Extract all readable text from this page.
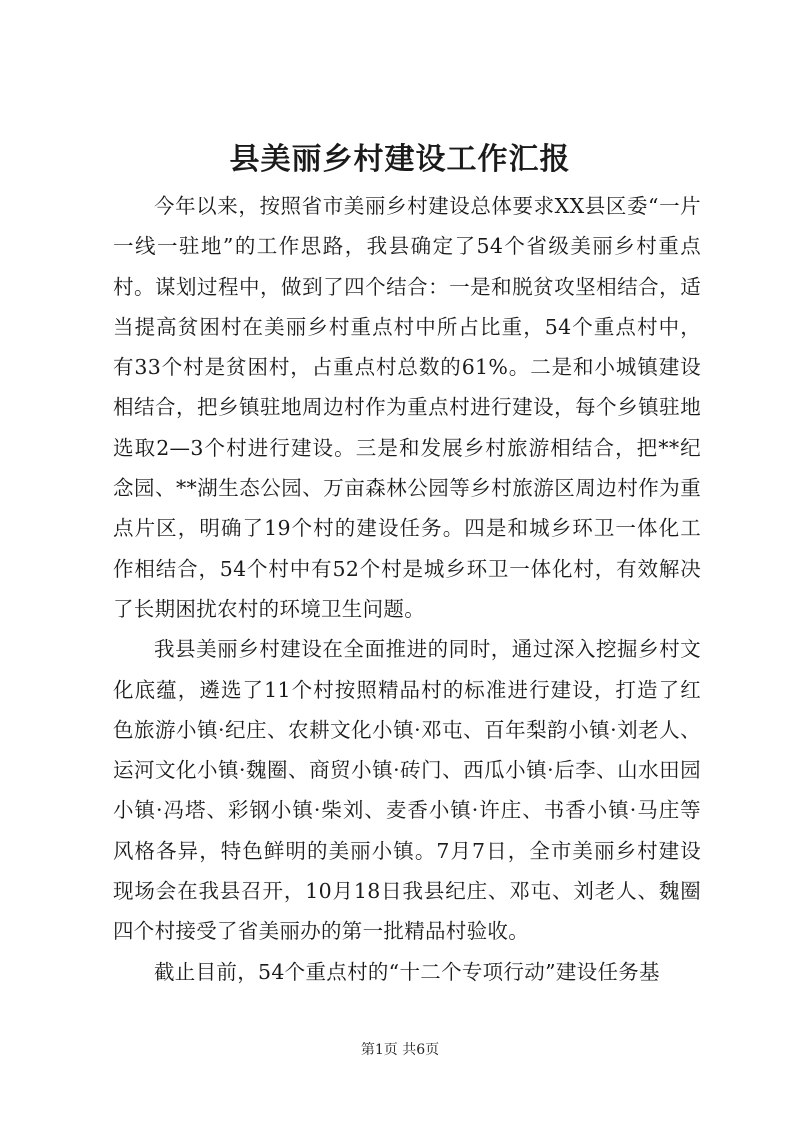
县美丽乡村建设工作汇报

今年以来，按照省市美丽乡村建设总体要求XX县区委“一片一线一驻地”的工作思路，我县确定了54个省级美丽乡村重点村。谋划过程中，做到了四个结合：一是和脱贫攻坚相结合，适当提高贫困村在美丽乡村重点村中所占比重，54个重点村中，有33个村是贫困村，占重点村总数的61%。二是和小城镇建设相结合，把乡镇驻地周边村作为重点村进行建设，每个乡镇驻地选取2—3个村进行建设。三是和发展乡村旅游相结合，把**纪念园、**湖生态公园、万亩森林公园等乡村旅游区周边村作为重点片区，明确了19个村的建设任务。四是和城乡环卫一体化工作相结合，54个村中有52个村是城乡环卫一体化村，有效解决了长期困扰农村的环境卫生问题。

我县美丽乡村建设在全面推进的同时，通过深入挖掘乡村文化底蕴，遴选了11个村按照精品村的标准进行建设，打造了红色旅游小镇·纪庄、农耕文化小镇·邓屯、百年梨韵小镇·刘老人、运河文化小镇·魏圈、商贸小镇·砖门、西瓜小镇·后李、山水田园小镇·冯塔、彩钢小镇·柴刘、麦香小镇·许庄、书香小镇·马庄等风格各异，特色鲜明的美丽小镇。7月7日，全市美丽乡村建设现场会在我县召开，10月18日我县纪庄、邓屯、刘老人、魏圈四个村接受了省美丽办的第一批精品村验收。

截止目前，54个重点村的“十二个专项行动”建设任务基

第1页 共6页
